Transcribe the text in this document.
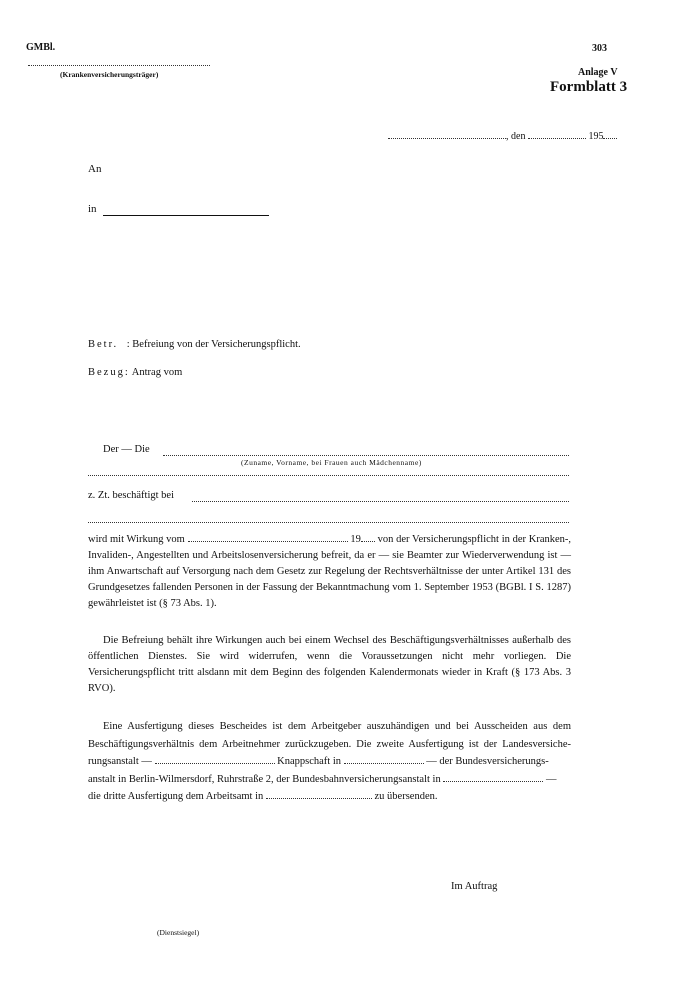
GMBl.	303
(Krankenversicherungsträger)	Anlage V
Formblatt 3
, den	195
An
in
Betr. : Befreiung von der Versicherungspflicht.
Bezug: Antrag vom
Der — Die
(Zuname, Vorname, bei Frauen auch Mädchenname)
z. Zt. beschäftigt bei

wird mit Wirkung vom	19 von der Versicherungspflicht in der Kranken-, Invaliden-, Angestellten und Arbeitslosenversicherung befreit, da er — sie Beamter zur Wiederverwendung ist — ihm Anwartschaft auf Versorgung nach dem Gesetz zur Regelung der Rechtsverhältnisse der unter Artikel 131 des Grundgesetzes fallenden Personen in der Fassung der Bekanntmachung vom 1. September 1953 (BGBl. I S. 1287) gewährleistet ist (§ 73 Abs. 1).

Die Befreiung behält ihre Wirkungen auch bei einem Wechsel des Beschäftigungsverhältnisses außerhalb des öffentlichen Dienstes. Sie wird widerrufen, wenn die Voraussetzungen nicht mehr vorliegen. Die Versicherungspflicht tritt alsdann mit dem Beginn des folgenden Kalendermonats wieder in Kraft (§ 173 Abs. 3 RVO).

Eine Ausfertigung dieses Bescheides ist dem Arbeitgeber auszuhändigen und bei Ausscheiden aus dem
Beschäftigungsverhältnis dem Arbeitnehmer zurückzugeben. Die zweite Ausfertigung ist der Landesversiche-
rungsanstalt —	Knappschaft in	— der Bundesversicherungs-
anstalt in Berlin-Wilmersdorf, Ruhrstraße 2, der Bundesbahnversicherungsanstalt in	—
die dritte Ausfertigung dem Arbeitsamt in	zu übersenden.
Im Auftrag
(Dienstsiegel)
